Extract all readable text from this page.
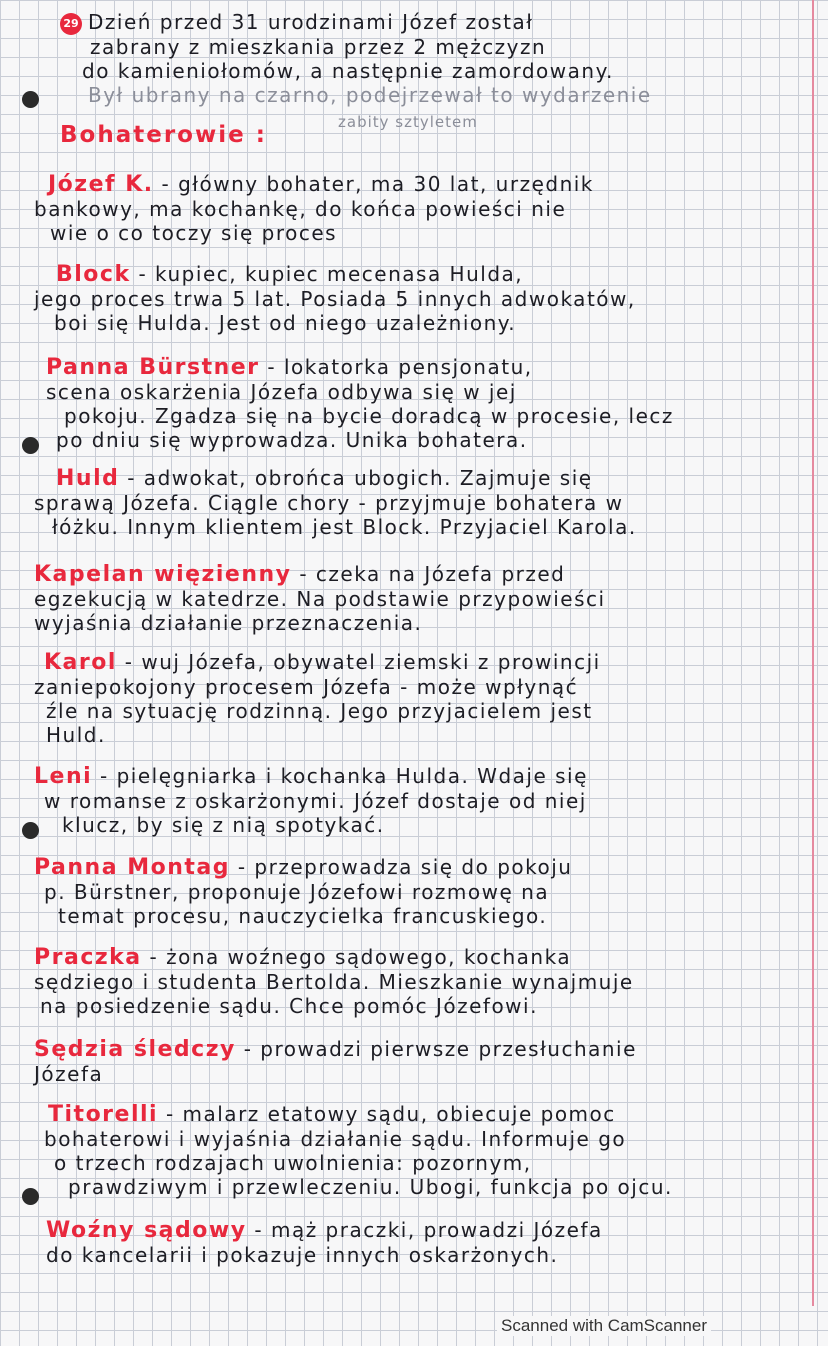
29 Dzień przed 31 urodzinami Józef został
zabrany z mieszkania przez 2 mężczyzn
do kamieniołomów, a następnie zamordowany.
Był ubrany na czarno, podejrzewał to wydarzenie
zabity sztyletem
Bohaterowie :
Józef K. - główny bohater, ma 30 lat, urzędnik
bankowy, ma kochankę, do końca powieści nie
wie o co toczy się proces
Block - kupiec, kupiec mecenasa Hulda,
jego proces trwa 5 lat. Posiada 5 innych adwokatów,
boi się Hulda. Jest od niego uzależniony.
Panna Bürstner - lokatorka pensjonatu,
scena oskarżenia Józefa odbywa się w jej
pokoju. Zgadza się na bycie doradcą w procesie, lecz
po dniu się wyprowadza. Unika bohatera.
Huld - adwokat, obrońca ubogich. Zajmuje się
sprawą Józefa. Ciągle chory - przyjmuje bohatera w
łóżku. Innym klientem jest Block. Przyjaciel Karola.
Kapelan więzienny - czeka na Józefa przed
egzekucją w katedrze. Na podstawie przypowieści
wyjaśnia działanie przeznaczenia.
Karol - wuj Józefa, obywatel ziemski z prowincji
zaniepokojony procesem Józefa - może wpłynąć
źle na sytuację rodzinną. Jego przyjacielem jest
Huld.
Leni - pielęgniarka i kochanka Hulda. Wdaje się
w romanse z oskarżonymi. Józef dostaje od niej
klucz, by się z nią spotykać.
Panna Montag - przeprowadza się do pokoju
p. Bürstner, proponuje Józefowi rozmowę na
temat procesu, nauczycielka francuskiego.
Praczka - żona woźnego sądowego, kochanka
sędziego i studenta Bertolda. Mieszkanie wynajmuje
na posiedzenie sądu. Chce pomóc Józefowi.
Sędzia śledczy - prowadzi pierwsze przesłuchanie
Józefa
Titorelli - malarz etatowy sądu, obiecuje pomoc
bohaterowi i wyjaśnia działanie sądu. Informuje go
o trzech rodzajach uwolnienia: pozornym,
prawdziwym i przewleczeniu. Ubogi, funkcja po ojcu.
Woźny sądowy - mąż praczki, prowadzi Józefa
do kancelarii i pokazuje innych oskarżonych.
Scanned with CamScanner
